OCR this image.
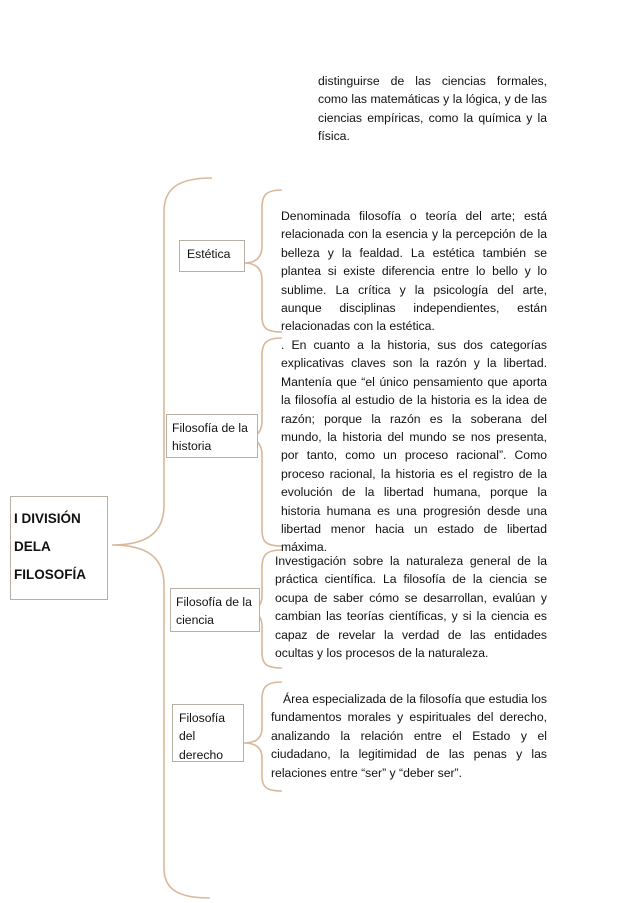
distinguirse de las ciencias formales, como las matemáticas y la lógica, y de las ciencias empíricas, como la química y la física.
I DIVISIÓN
DELA
FILOSOFÍA
Estética
Denominada filosofía o teoría del arte; está relacionada con la esencia y la percepción de la belleza y la fealdad. La estética también se plantea si existe diferencia entre lo bello y lo sublime. La crítica y la psicología del arte, aunque disciplinas independientes, están relacionadas con la estética.
Filosofía de la historia
. En cuanto a la historia, sus dos categorías explicativas claves son la razón y la libertad. Mantenía que “el único pensamiento que aporta la filosofía al estudio de la historia es la idea de razón; porque la razón es la soberana del mundo, la historia del mundo se nos presenta, por tanto, como un proceso racional”. Como proceso racional, la historia es el registro de la evolución de la libertad humana, porque la historia humana es una progresión desde una libertad menor hacia un estado de libertad máxima.
Filosofía de la ciencia
Investigación sobre la naturaleza general de la práctica científica. La filosofía de la ciencia se ocupa de saber cómo se desarrollan, evalúan y cambian las teorías científicas, y si la ciencia es capaz de revelar la verdad de las entidades ocultas y los procesos de la naturaleza.
Filosofía del derecho
Área especializada de la filosofía que estudia los fundamentos morales y espirituales del derecho, analizando la relación entre el Estado y el ciudadano, la legitimidad de las penas y las relaciones entre “ser” y “deber ser”.
